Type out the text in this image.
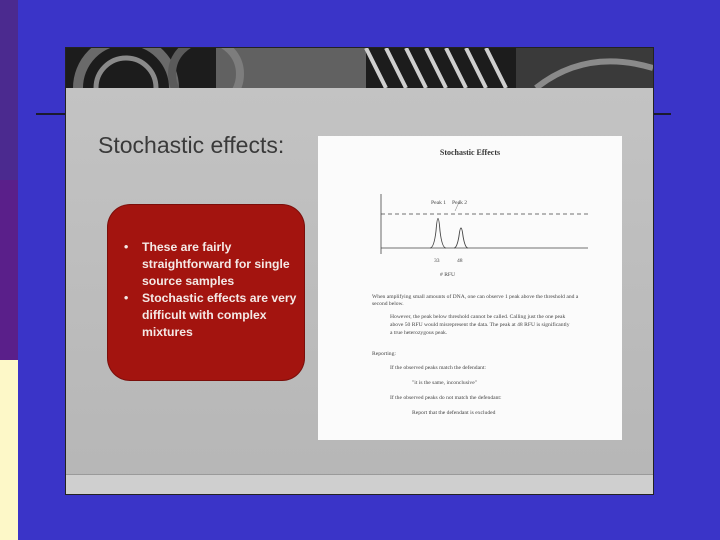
Stochastic effects:
• These are fairly straightforward for single source samples
• Stochastic effects are very difficult with complex mixtures
Stochastic Effects
Peak 1 Peak 2
33	48
# RFU
When amplifying small amounts of DNA, one can observe 1 peak above the threshold and a second below.
However, the peak below threshold cannot be called. Calling just the one peak
above 50 RFU would misrepresent the data. The peak at 48 RFU is significantly
a true heterozygous peak.
Reporting:
If the observed peaks match the defendant:
"it is the same, inconclusive"
If the observed peaks do not match the defendant:
Report that the defendant is excluded
